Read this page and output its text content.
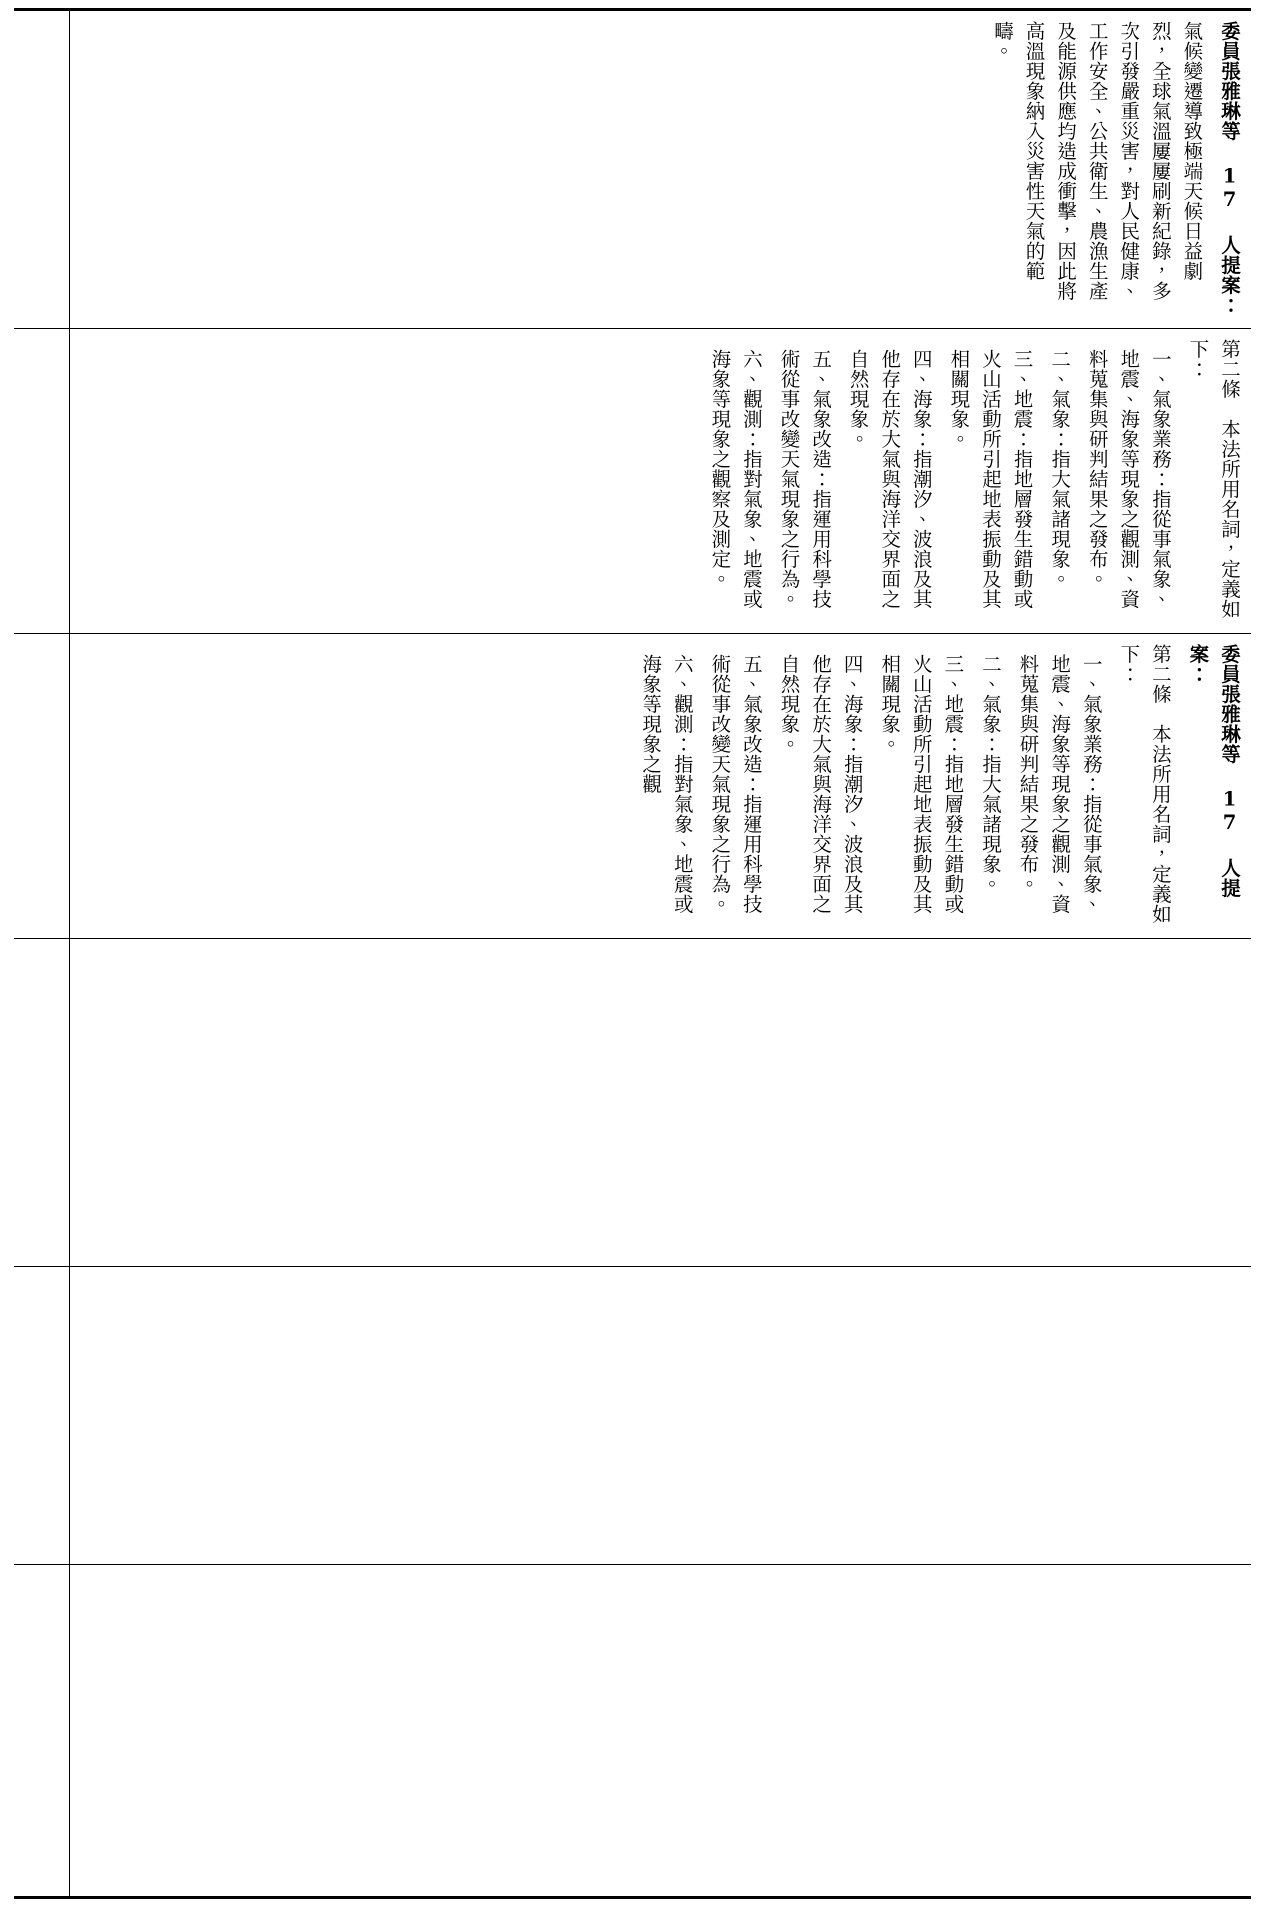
委員張雅琳等 17 人提案：
氣候變遷導致極端天候日益劇烈，全球氣溫屢屢刷新紀錄，多次引發嚴重災害，對人民健康、工作安全、公共衛生、農漁生產及能源供應均造成衝擊，因此將高溫現象納入災害性天氣的範疇。
第二條　本法所用名詞，定義如下：
一、氣象業務：指從事氣象、地震、海象等現象之觀測、資料蒐集與研判結果之發布。
二、氣象：指大氣諸現象。
三、地震：指地層發生錯動或火山活動所引起地表振動及其相關現象。
四、海象：指潮汐、波浪及其他存在於大氣與海洋交界面之自然現象。
五、氣象改造：指運用科學技術從事改變天氣現象之行為。
六、觀測：指對氣象、地震或海象等現象之觀察及測定。
委員張雅琳等 17 人提案：
第二條　本法所用名詞，定義如下：
一、氣象業務：指從事氣象、地震、海象等現象之觀測、資料蒐集與研判結果之發布。
二、氣象：指大氣諸現象。
三、地震：指地層發生錯動或火山活動所引起地表振動及其相關現象。
四、海象：指潮汐、波浪及其他存在於大氣與海洋交界面之自然現象。
五、氣象改造：指運用科學技術從事改變天氣現象之行為。
六、觀測：指對氣象、地震或海象等現象之觀
